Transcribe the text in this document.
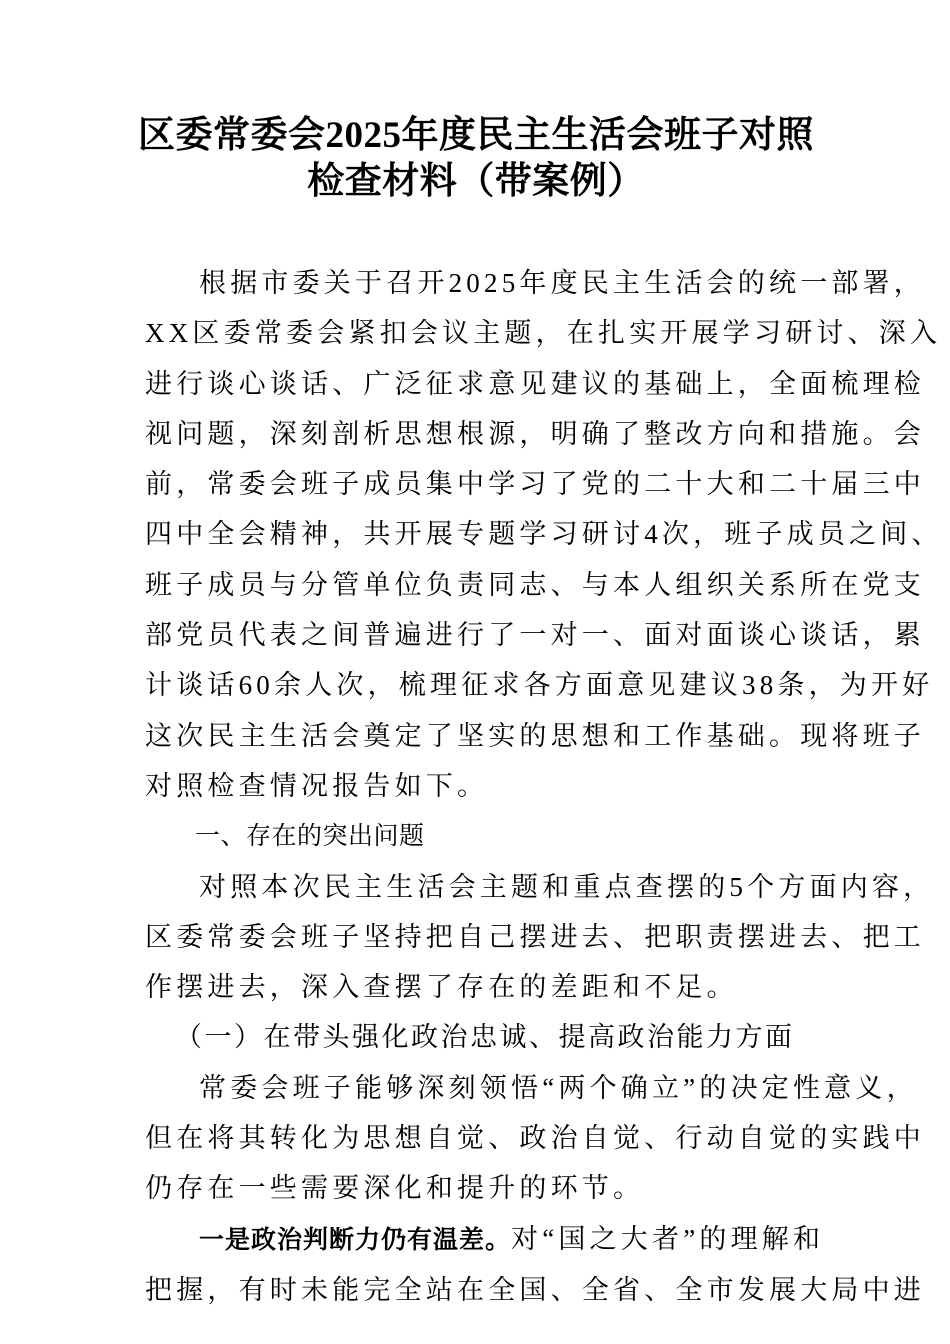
区委常委会2025年度民主生活会班子对照
检查材料（带案例）
根据市委关于召开2025年度民主生活会的统一部署，
XX区委常委会紧扣会议主题，在扎实开展学习研讨、深入
进行谈心谈话、广泛征求意见建议的基础上，全面梳理检
视问题，深刻剖析思想根源，明确了整改方向和措施。会
前，常委会班子成员集中学习了党的二十大和二十届三中
四中全会精神，共开展专题学习研讨4次，班子成员之间、
班子成员与分管单位负责同志、与本人组织关系所在党支
部党员代表之间普遍进行了一对一、面对面谈心谈话，累
计谈话60余人次，梳理征求各方面意见建议38条，为开好
这次民主生活会奠定了坚实的思想和工作基础。现将班子
对照检查情况报告如下。
一、存在的突出问题
对照本次民主生活会主题和重点查摆的5个方面内容，
区委常委会班子坚持把自己摆进去、把职责摆进去、把工
作摆进去，深入查摆了存在的差距和不足。
（一）在带头强化政治忠诚、提高政治能力方面
常委会班子能够深刻领悟“两个确立”的决定性意义，
但在将其转化为思想自觉、政治自觉、行动自觉的实践中
仍存在一些需要深化和提升的环节。
一是政治判断力仍有温差。对“国之大者”的理解和
把握，有时未能完全站在全国、全省、全市发展大局中进
